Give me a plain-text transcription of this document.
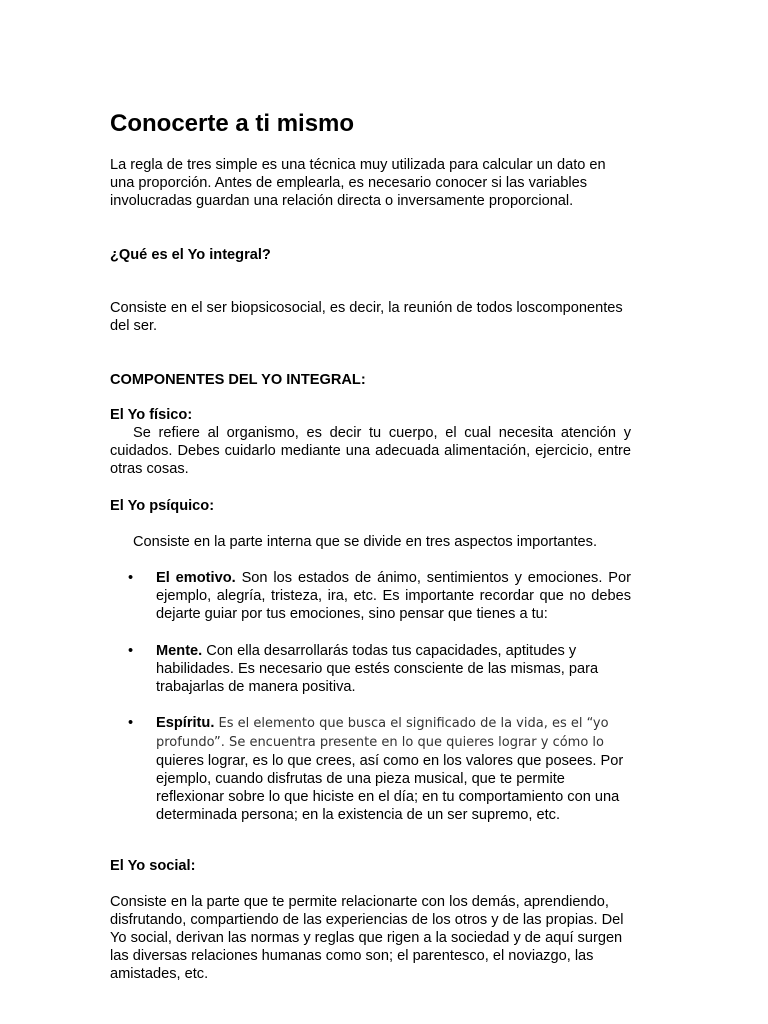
Conocerte a ti mismo

La regla de tres simple es una técnica muy utilizada para calcular un dato en una proporción. Antes de emplearla, es necesario conocer si las variables involucradas guardan una relación directa o inversamente proporcional.

¿Qué es el Yo integral?

Consiste en el ser biopsicosocial, es decir, la reunión de todos loscomponentes del ser.

COMPONENTES DEL YO INTEGRAL:

El Yo físico:

Se refiere al organismo, es decir tu cuerpo, el cual necesita atención y cuidados. Debes cuidarlo mediante una adecuada alimentación, ejercicio, entre otras cosas.

El Yo psíquico:

Consiste en la parte interna que se divide en tres aspectos importantes.

• El emotivo. Son los estados de ánimo, sentimientos y emociones. Por ejemplo, alegría, tristeza, ira, etc. Es importante recordar que no debes dejarte guiar por tus emociones, sino pensar que tienes a tu:

• Mente. Con ella desarrollarás todas tus capacidades, aptitudes y habilidades. Es necesario que estés consciente de las mismas, para trabajarlas de manera positiva.

• Espíritu. Es el elemento que busca el significado de la vida, es el “yo profundo”. Se encuentra presente en lo que quieres lograr y cómo lo quieres lograr, es lo que crees, así como en los valores que posees. Por ejemplo, cuando disfrutas de una pieza musical, que te permite reflexionar sobre lo que hiciste en el día; en tu comportamiento con una determinada persona; en la existencia de un ser supremo, etc.

El Yo social:

Consiste en la parte que te permite relacionarte con los demás, aprendiendo, disfrutando, compartiendo de las experiencias de los otros y de las propias. Del Yo social, derivan las normas y reglas que rigen a la sociedad y de aquí surgen las diversas relaciones humanas como son; el parentesco, el noviazgo, las amistades, etc.
